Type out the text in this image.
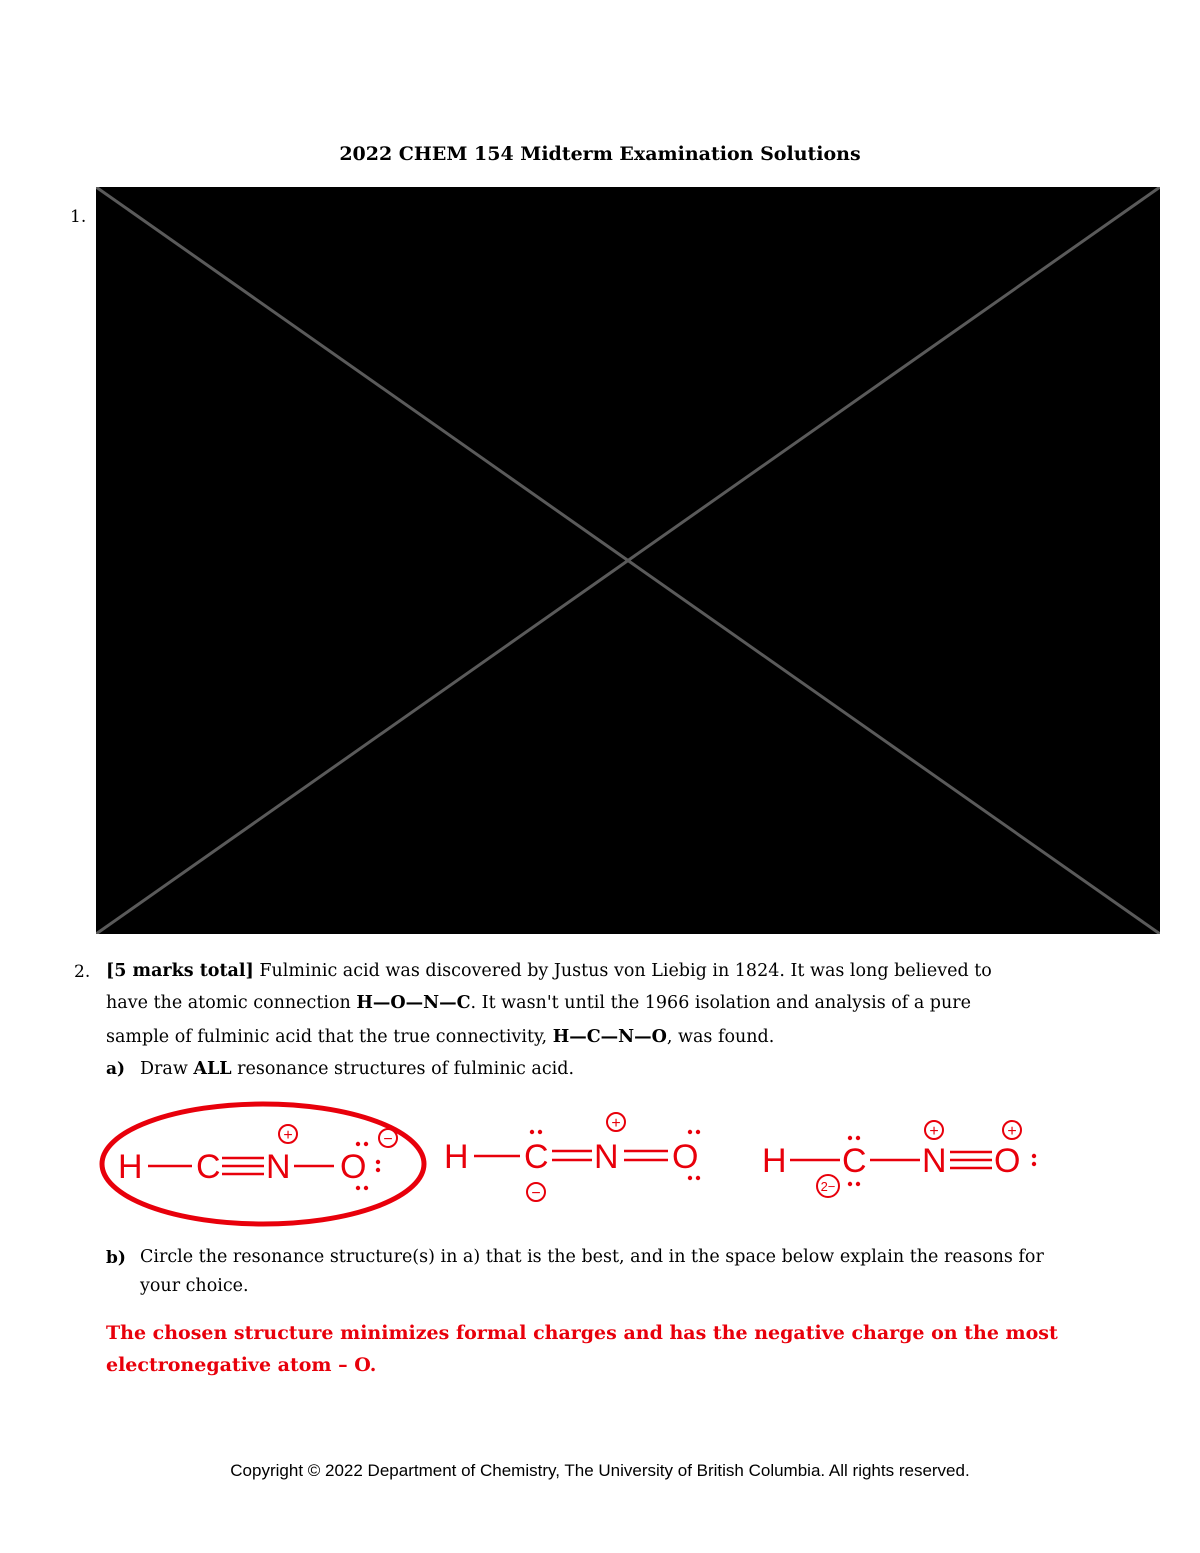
2022 CHEM 154 Midterm Examination Solutions
1.
2. [5 marks total] Fulminic acid was discovered by Justus von Liebig in 1824. It was long believed to
have the atomic connection H—O—N—C. It wasn't until the 1966 isolation and analysis of a pure
sample of fulminic acid that the true connectivity, H—C—N—O, was found.
a) Draw ALL resonance structures of fulminic acid.
H C N
+
O
− H C
−
N
+
O H C
2−
N
+
O
+
b) Circle the resonance structure(s) in a) that is the best, and in the space below explain the reasons for
your choice.
The chosen structure minimizes formal charges and has the negative charge on the most
electronegative atom – O.
Copyright © 2022 Department of Chemistry, The University of British Columbia. All rights reserved.
